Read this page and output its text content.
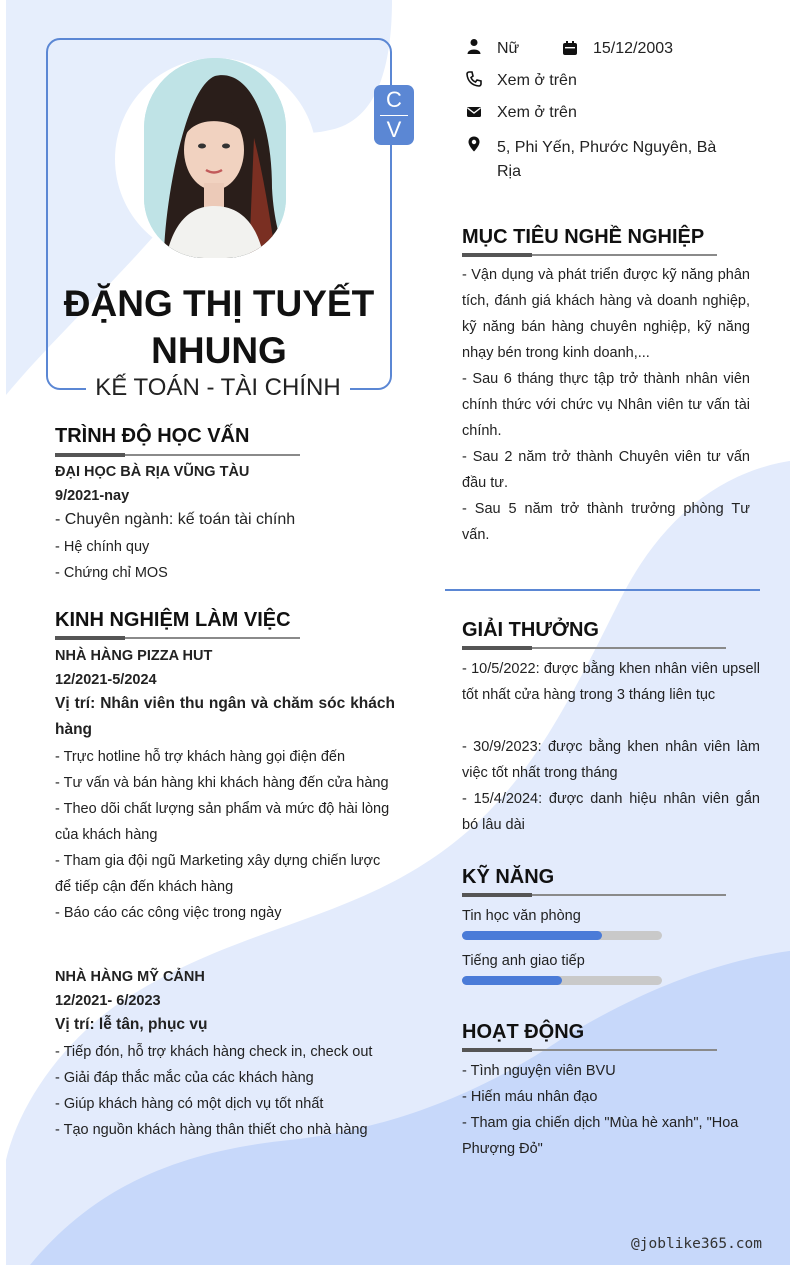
C
V
ĐẶNG THỊ TUYẾT NHUNG
KẾ TOÁN - TÀI CHÍNH
Nữ	15/12/2003
Xem ở trên
Xem ở trên
5, Phi Yến, Phước Nguyên, Bà Rịa
TRÌNH ĐỘ HỌC VẤN
ĐẠI HỌC BÀ RỊA VŨNG TÀU
9/2021-nay
- Chuyên ngành: kế toán tài chính
- Hệ chính quy
- Chứng chỉ MOS
KINH NGHIỆM LÀM VIỆC
NHÀ HÀNG PIZZA HUT
12/2021-5/2024
Vị trí: Nhân viên thu ngân và chăm sóc khách hàng
- Trực hotline hỗ trợ khách hàng gọi điện đến
- Tư vấn và bán hàng khi khách hàng đến cửa hàng
- Theo dõi chất lượng sản phẩm và mức độ hài lòng của khách hàng
- Tham gia đội ngũ Marketing xây dựng chiến lược để tiếp cận đến khách hàng
- Báo cáo các công việc trong ngày
NHÀ HÀNG MỸ CẢNH
12/2021- 6/2023
Vị trí: lễ tân, phục vụ
- Tiếp đón, hỗ trợ khách hàng check in, check out
- Giải đáp thắc mắc của các khách hàng
- Giúp khách hàng có một dịch vụ tốt nhất
- Tạo nguồn khách hàng thân thiết cho nhà hàng
MỤC TIÊU NGHỀ NGHIỆP
- Vận dụng và phát triển được kỹ năng phân tích, đánh giá khách hàng và doanh nghiệp, kỹ năng bán hàng chuyên nghiệp, kỹ năng nhạy bén trong kinh doanh,...
- Sau 6 tháng thực tập trở thành nhân viên chính thức với chức vụ Nhân viên tư vấn tài chính.
- Sau 2 năm trở thành Chuyên viên tư vấn đầu tư.
- Sau 5 năm trở thành trưởng phòng Tư vấn.
GIẢI THƯỞNG
- 10/5/2022: được bằng khen nhân viên upsell tốt nhất cửa hàng trong 3 tháng liên tục
- 30/9/2023: được bằng khen nhân viên làm việc tốt nhất trong tháng
- 15/4/2024: được danh hiệu nhân viên gắn bó lâu dài
KỸ NĂNG
Tin học văn phòng
Tiếng anh giao tiếp
HOẠT ĐỘNG
- Tình nguyện viên BVU
- Hiến máu nhân đạo
- Tham gia chiến dịch "Mùa hè xanh", "Hoa Phượng Đỏ"
@joblike365.com
